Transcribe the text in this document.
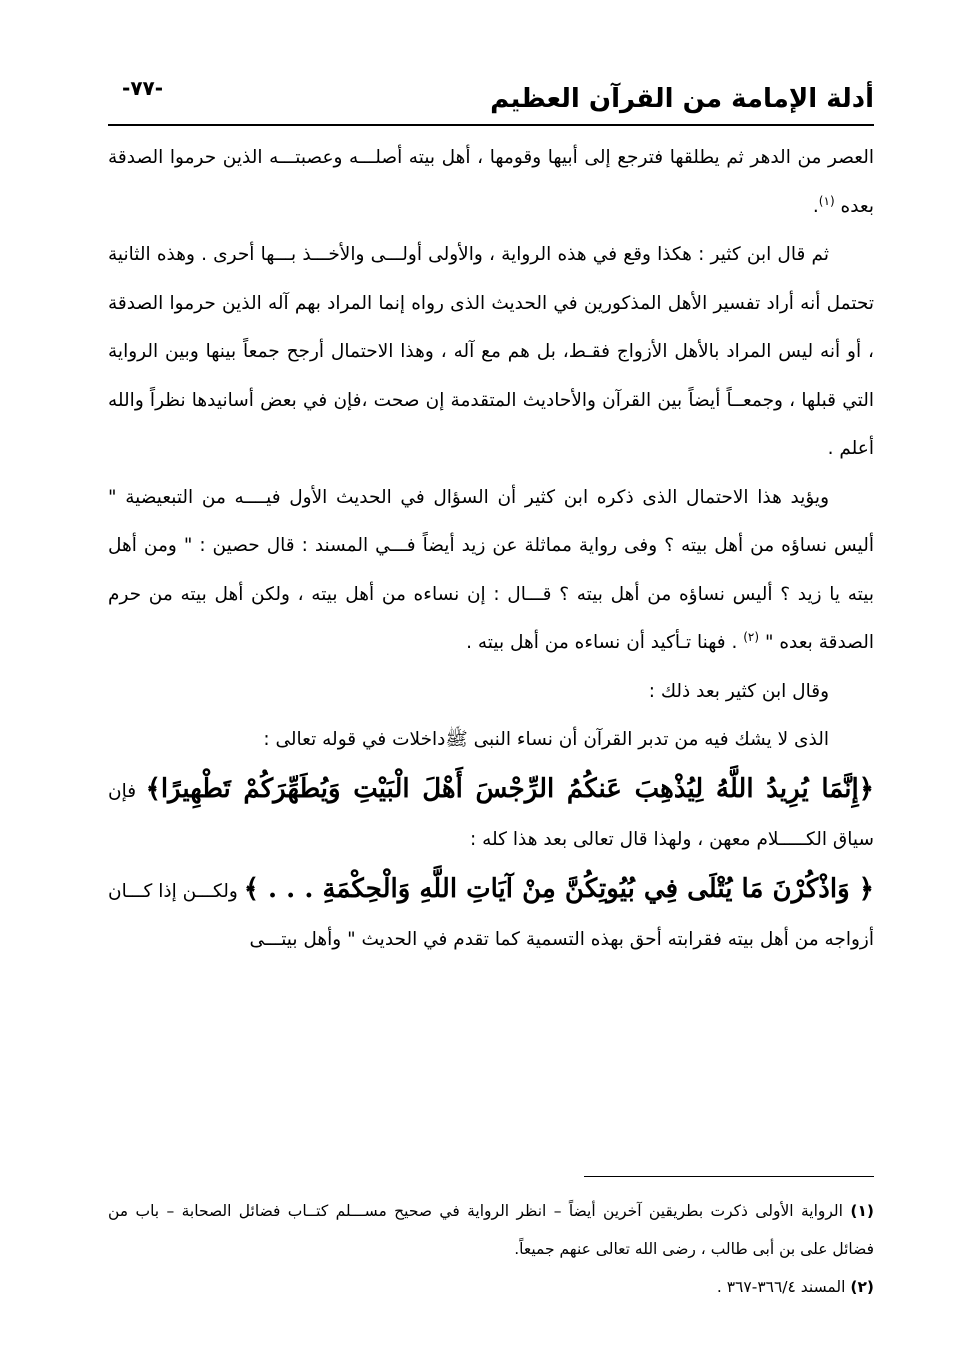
أدلة الإمامة من القرآن العظيم
-٧٧-

العصر من الدهر ثم يطلقها فترجع إلى أبيها وقومها ، أهل بيته أصلـــه وعصبتـــه الذين حرموا الصدقة بعده $^{(١)}$.

ثم قال ابن كثير : هكذا وقع في هذه الرواية ، والأولى أولـــى والأخـــذ بـــها أحرى . وهذه الثانية تحتمل أنه أراد تفسير الأهل المذكورين في الحديث الذى رواه إنما المراد بهم آله الذين حرموا الصدقة ، أو أنه ليس المراد بالأهل الأزواج فقـط، بل هم مع آله ، وهذا الاحتمال أرجح جمعاً بينها وبين الرواية التي قبلها ، وجمعــاً أيضاً بين القرآن والأحاديث المتقدمة إن صحت ،فإن في بعض أسانيدها نظراً والله أعلم .

ويؤيد هذا الاحتمال الذى ذكره ابن كثير أن السؤال في الحديث الأول فيــــه من التبعيضية " أليس نساؤه من أهل بيته ؟ وفى رواية مماثلة عن زيد أيضاً فـــي المسند : قال حصين : " ومن أهل بيته يا زيد ؟ أليس نساؤه من أهل بيته ؟ قـــال : إن نساءه من أهل بيته ، ولكن أهل بيته من حرم الصدقة بعده " $^{(٢)}$ . فهنا تـأكيد أن نساءه من أهل بيته .

وقال ابن كثير بعد ذلك :

الذى لا يشك فيه من تدبر القرآن أن نساء النبى ﷺداخلات في قوله تعالى :

﴿إِنَّمَا يُرِيدُ اللَّهُ لِيُذْهِبَ عَنكُمُ الرِّجْسَ أَهْلَ الْبَيْتِ وَيُطَهِّرَكُمْ تَطْهِيرًا﴾ فإن سياق الكـــــلام معهن ، ولهذا قال تعالى بعد هذا كله :

﴿ وَاذْكُرْنَ مَا يُتْلَى فِي بُيُوتِكُنَّ مِنْ آيَاتِ اللَّهِ وَالْحِكْمَةِ . . . ﴾ ولكـــن إذا كـــان أزواجه من أهل بيته فقرابته أحق بهذه التسمية كما تقدم في الحديث " وأهل بيتـــى

(١) الرواية الأولى ذكرت بطريقين آخرين أيضاً – انظر الرواية في صحيح مســـلم كتــاب فضائل الصحابة – باب من فضائل على بن أبى طالب ، رضى الله تعالى عنهم جميعاً.

(٢) المسند ٣٦٦/٤-٣٦٧ .
